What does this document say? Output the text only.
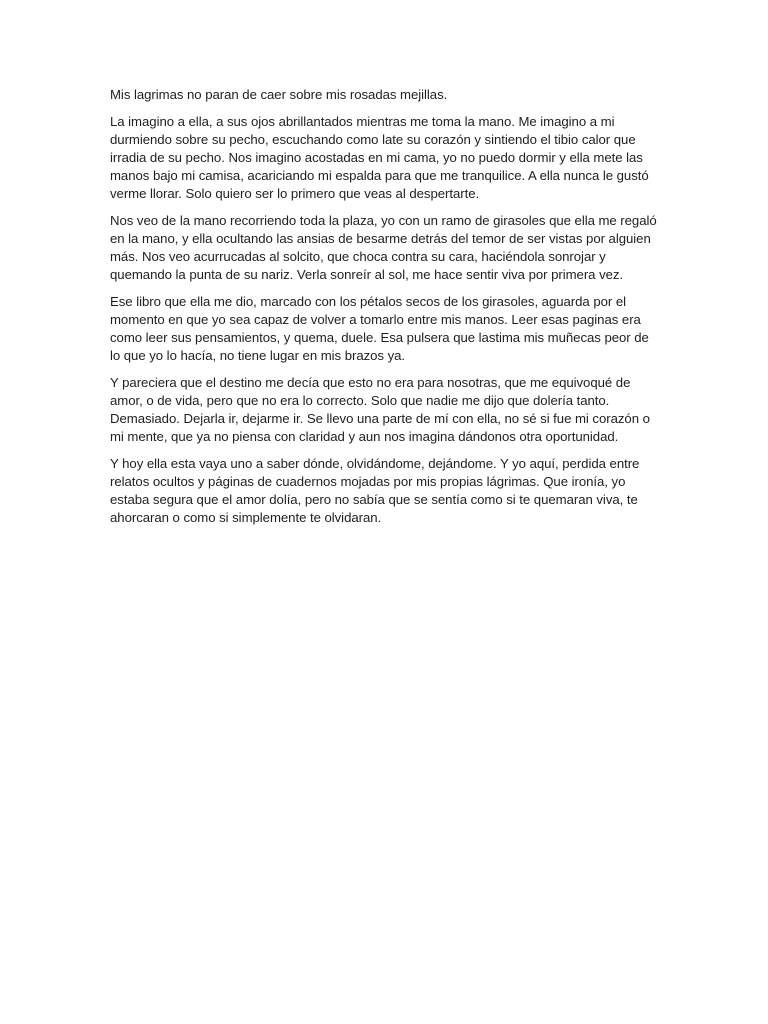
Mis lagrimas no paran de caer sobre mis rosadas mejillas.

La imagino a ella, a sus ojos abrillantados mientras me toma la mano. Me imagino a mi durmiendo sobre su pecho, escuchando como late su corazón y sintiendo el tibio calor que irradia de su pecho. Nos imagino acostadas en mi cama, yo no puedo dormir y ella mete las manos bajo mi camisa, acariciando mi espalda para que me tranquilice. A ella nunca le gustó verme llorar. Solo quiero ser lo primero que veas al despertarte.

Nos veo de la mano recorriendo toda la plaza, yo con un ramo de girasoles que ella me regaló en la mano, y ella ocultando las ansias de besarme detrás del temor de ser vistas por alguien más. Nos veo acurrucadas al solcito, que choca contra su cara, haciéndola sonrojar y quemando la punta de su nariz. Verla sonreír al sol, me hace sentir viva por primera vez.

Ese libro que ella me dio, marcado con los pétalos secos de los girasoles, aguarda por el momento en que yo sea capaz de volver a tomarlo entre mis manos. Leer esas paginas era como leer sus pensamientos, y quema, duele. Esa pulsera que lastima mis muñecas peor de lo que yo lo hacía, no tiene lugar en mis brazos ya.

Y pareciera que el destino me decía que esto no era para nosotras, que me equivoqué de amor, o de vida, pero que no era lo correcto. Solo que nadie me dijo que dolería tanto. Demasiado. Dejarla ir, dejarme ir. Se llevo una parte de mí con ella, no sé si fue mi corazón o mi mente, que ya no piensa con claridad y aun nos imagina dándonos otra oportunidad.

Y hoy ella esta vaya uno a saber dónde, olvidándome, dejándome. Y yo aquí, perdida entre relatos ocultos y páginas de cuadernos mojadas por mis propias lágrimas. Que ironía, yo estaba segura que el amor dolía, pero no sabía que se sentía como si te quemaran viva, te ahorcaran o como si simplemente te olvidaran.
